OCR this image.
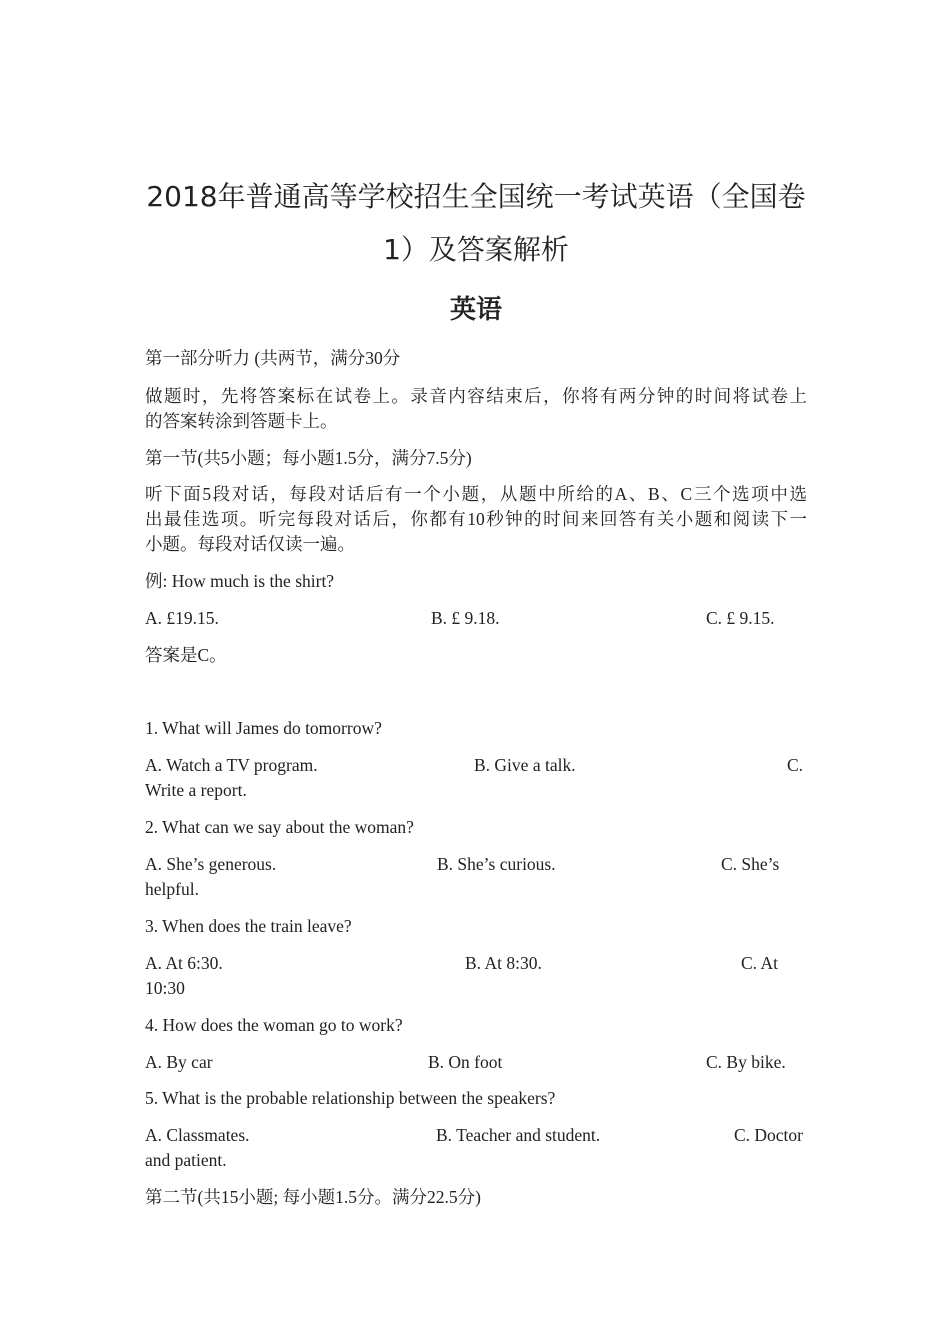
2018年普通高等学校招生全国统一考试英语（全国卷1）及答案解析
英语

第一部分听力 (共两节，满分30分

做题时，先将答案标在试卷上。录音内容结束后，你将有两分钟的时间将试卷上

的答案转涂到答题卡上。

第一节(共5小题；每小题1.5分，满分7.5分)

听下面5段对话，每段对话后有一个小题，从题中所给的A、B、C三个选项中选

出最佳选项。听完每段对话后，你都有10秒钟的时间来回答有关小题和阅读下一

小题。每段对话仅读一遍。

例: How much is the shirt?

A. £19.15.	B. £ 9.18.	C. £ 9.15.

答案是C。

1. What will James do tomorrow?

A. Watch a TV program.	B. Give a talk.	C.
Write a report.

2. What can we say about the woman?

A. She’s generous.	B. She’s curious.	C. She’s
helpful.

3. When does the train leave?

A. At 6:30.	B. At 8:30.	C. At
10:30

4. How does the woman go to work?

A. By car	B. On foot	C. By bike.

5. What is the probable relationship between the speakers?

A. Classmates.	B. Teacher and student.	C. Doctor
and patient.

第二节(共15小题; 每小题1.5分。满分22.5分)
